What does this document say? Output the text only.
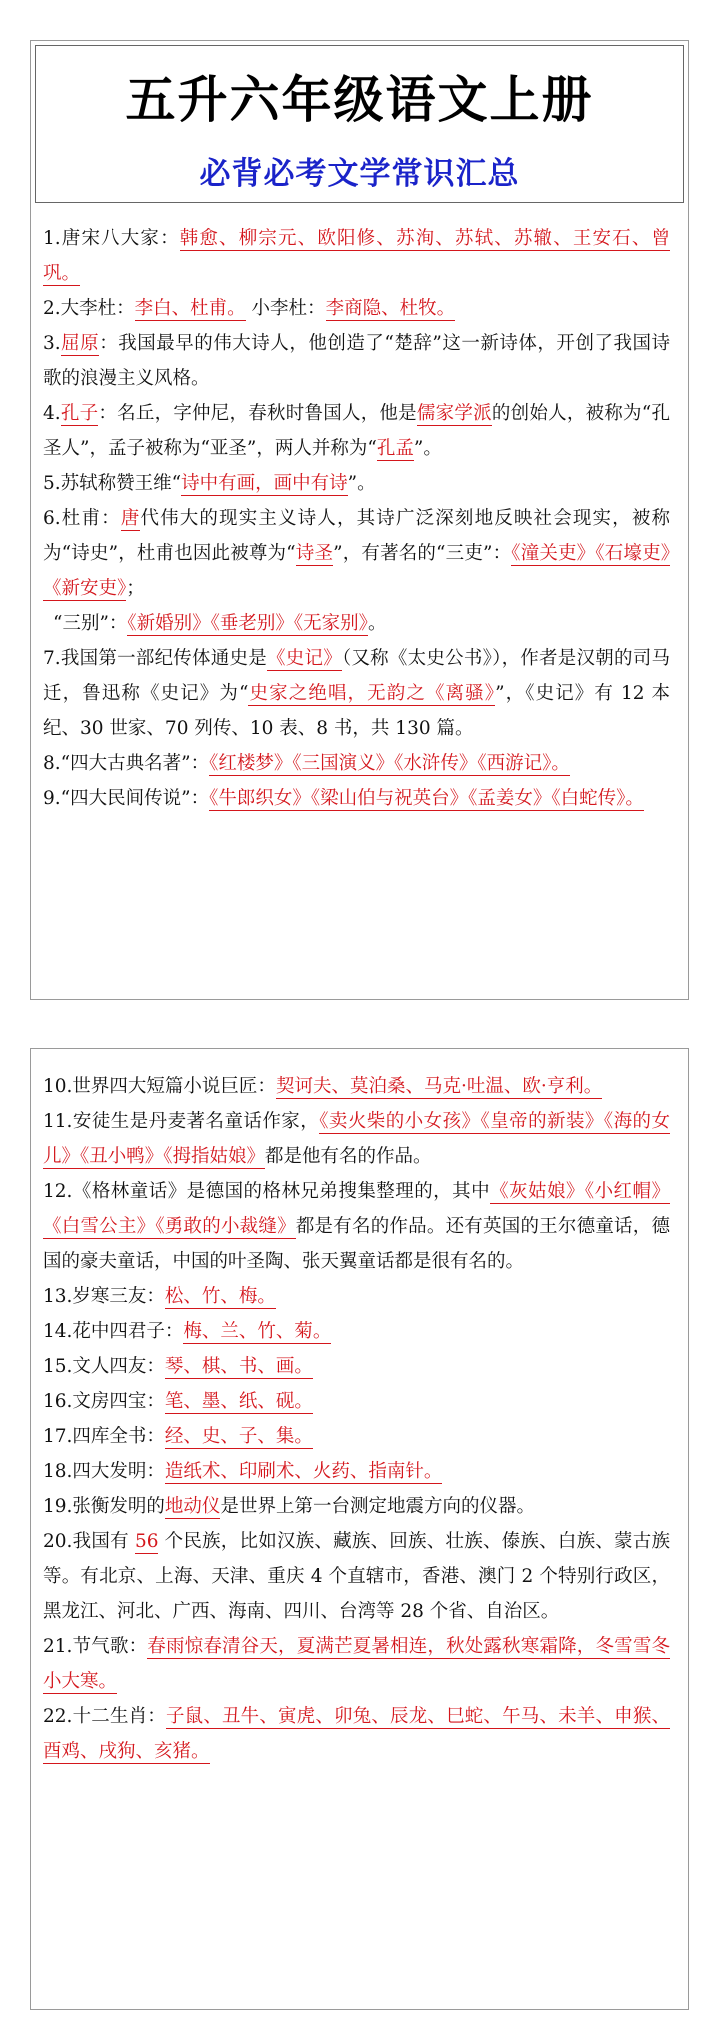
五升六年级语文上册
必背必考文学常识汇总
1.唐宋八大家：韩愈、柳宗元、欧阳修、苏洵、苏轼、苏辙、王安石、曾巩。
2.大李杜：李白、杜甫。 小李杜：李商隐、杜牧。
3.屈原：我国最早的伟大诗人，他创造了“楚辞”这一新诗体，开创了我国诗歌的浪漫主义风格。
4.孔子：名丘，字仲尼，春秋时鲁国人，他是儒家学派的创始人，被称为“孔圣人”，孟子被称为“亚圣”，两人并称为“孔孟”。
5.苏轼称赞王维“诗中有画，画中有诗”。
6.杜甫：唐代伟大的现实主义诗人，其诗广泛深刻地反映社会现实，被称为“诗史”，杜甫也因此被尊为“诗圣”，有著名的“三吏”：《潼关吏》《石壕吏》《新安吏》；
“三别”：《新婚别》《垂老别》《无家别》。
7.我国第一部纪传体通史是《史记》（又称《太史公书》），作者是汉朝的司马迁，鲁迅称《史记》为“史家之绝唱，无韵之《离骚》”，《史记》有 12 本纪、30 世家、70 列传、10 表、8 书，共 130 篇。
8.“四大古典名著”：《红楼梦》《三国演义》《水浒传》《西游记》。
9.“四大民间传说”：《牛郎织女》《梁山伯与祝英台》《孟姜女》《白蛇传》。
10.世界四大短篇小说巨匠：契诃夫、莫泊桑、马克·吐温、欧·亨利。
11.安徒生是丹麦著名童话作家，《卖火柴的小女孩》《皇帝的新装》《海的女儿》《丑小鸭》《拇指姑娘》都是他有名的作品。
12.《格林童话》是德国的格林兄弟搜集整理的，其中《灰姑娘》《小红帽》《白雪公主》《勇敢的小裁缝》都是有名的作品。还有英国的王尔德童话，德国的豪夫童话，中国的叶圣陶、张天翼童话都是很有名的。
13.岁寒三友：松、竹、梅。
14.花中四君子：梅、兰、竹、菊。
15.文人四友：琴、棋、书、画。
16.文房四宝：笔、墨、纸、砚。
17.四库全书：经、史、子、集。
18.四大发明：造纸术、印刷术、火药、指南针。
19.张衡发明的地动仪是世界上第一台测定地震方向的仪器。
20.我国有 56 个民族，比如汉族、藏族、回族、壮族、傣族、白族、蒙古族等。有北京、上海、天津、重庆 4 个直辖市，香港、澳门 2 个特别行政区，黑龙江、河北、广西、海南、四川、台湾等 28 个省、自治区。
21.节气歌：春雨惊春清谷天，夏满芒夏暑相连，秋处露秋寒霜降，冬雪雪冬小大寒。
22.十二生肖：子鼠、丑牛、寅虎、卯兔、辰龙、巳蛇、午马、未羊、申猴、酉鸡、戌狗、亥猪。
